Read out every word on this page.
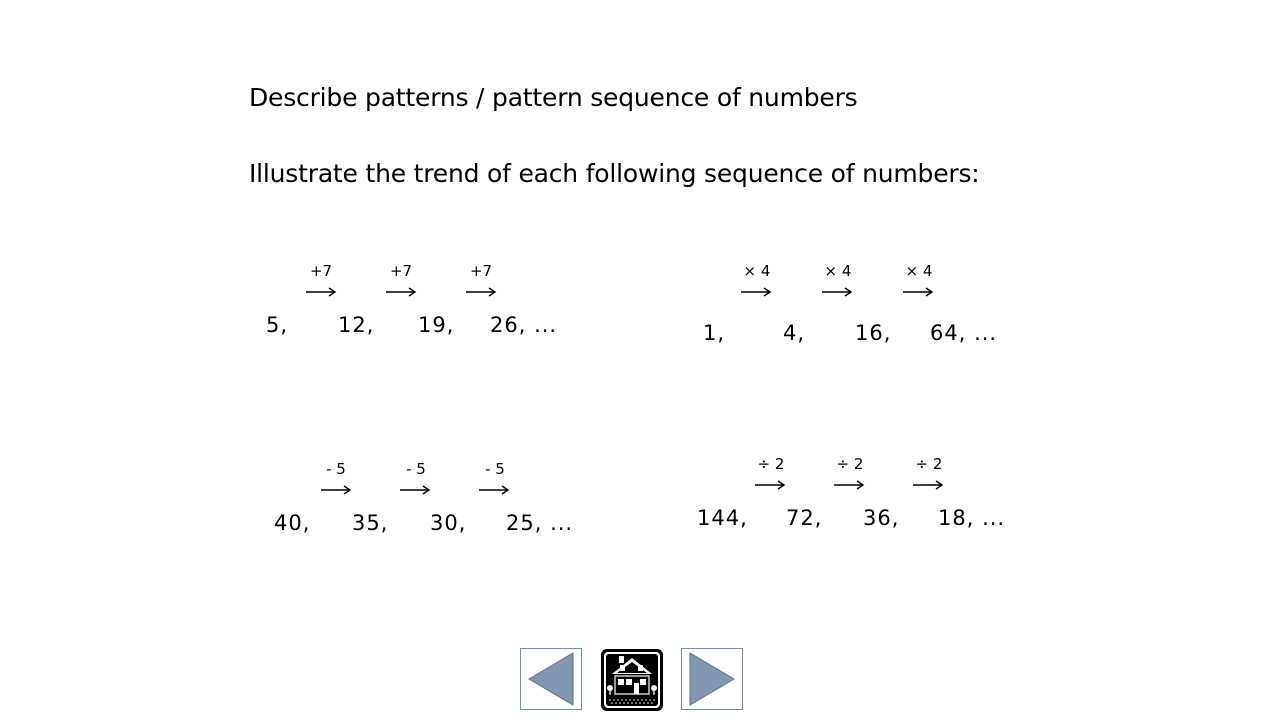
Describe patterns / pattern sequence of numbers
Illustrate the trend of each following sequence of numbers:
+7	+7	+7
5, 12, 19, 26, ...
× 4	× 4	× 4
1,	4, 16, 64, ...
- 5	- 5	- 5
40, 35, 30, 25, ...
÷ 2	÷ 2	÷ 2
144, 72, 36, 18, ...
